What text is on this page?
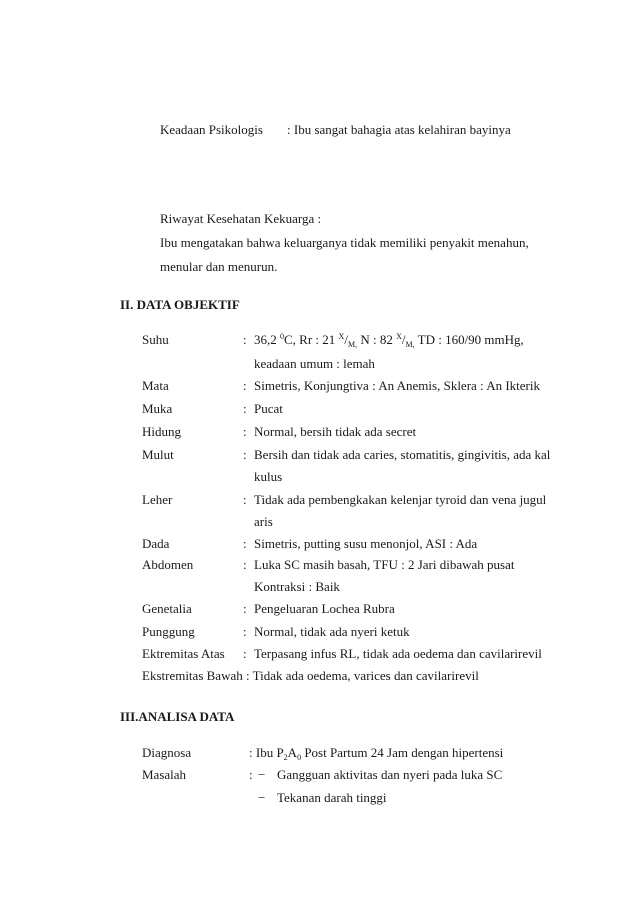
Keadaan Psikologis : Ibu sangat bahagia atas kelahiran bayinya
Riwayat Kesehatan Kekuarga :
Ibu mengatakan bahwa keluarganya tidak memiliki penyakit menahun,
menular dan menurun.
II. DATA OBJEKTIF
Suhu	: 36,2 $^0$C, Rr : 21 $^X/_{M,}$ N : 82 $^X/_{M,}$ TD : 160/90 mmHg,
keadaan umum : lemah
Mata	: Simetris, Konjungtiva : An Anemis, Sklera : An Ikterik
Muka	: Pucat
Hidung	: Normal, bersih tidak ada secret
Mulut	: Bersih dan tidak ada caries, stomatitis, gingivitis, ada kal
kulus
Leher	: Tidak ada pembengkakan kelenjar tyroid dan vena jugul
aris
Dada	: Simetris, putting susu menonjol, ASI : Ada
Abdomen	: Luka SC masih basah, TFU : 2 Jari dibawah pusat
Kontraksi : Baik
Genetalia	: Pengeluaran Lochea Rubra
Punggung	: Normal, tidak ada nyeri ketuk
Ektremitas Atas : Terpasang infus RL, tidak ada oedema dan cavilarirevil
Ekstremitas Bawah : Tidak ada oedema, varices dan cavilarirevil
III.ANALISA DATA
Diagnosa	: Ibu $P_2A_0$ Post Partum 24 Jam dengan hipertensi
Masalah	: − Gangguan aktivitas dan nyeri pada luka SC
− Tekanan darah tinggi
